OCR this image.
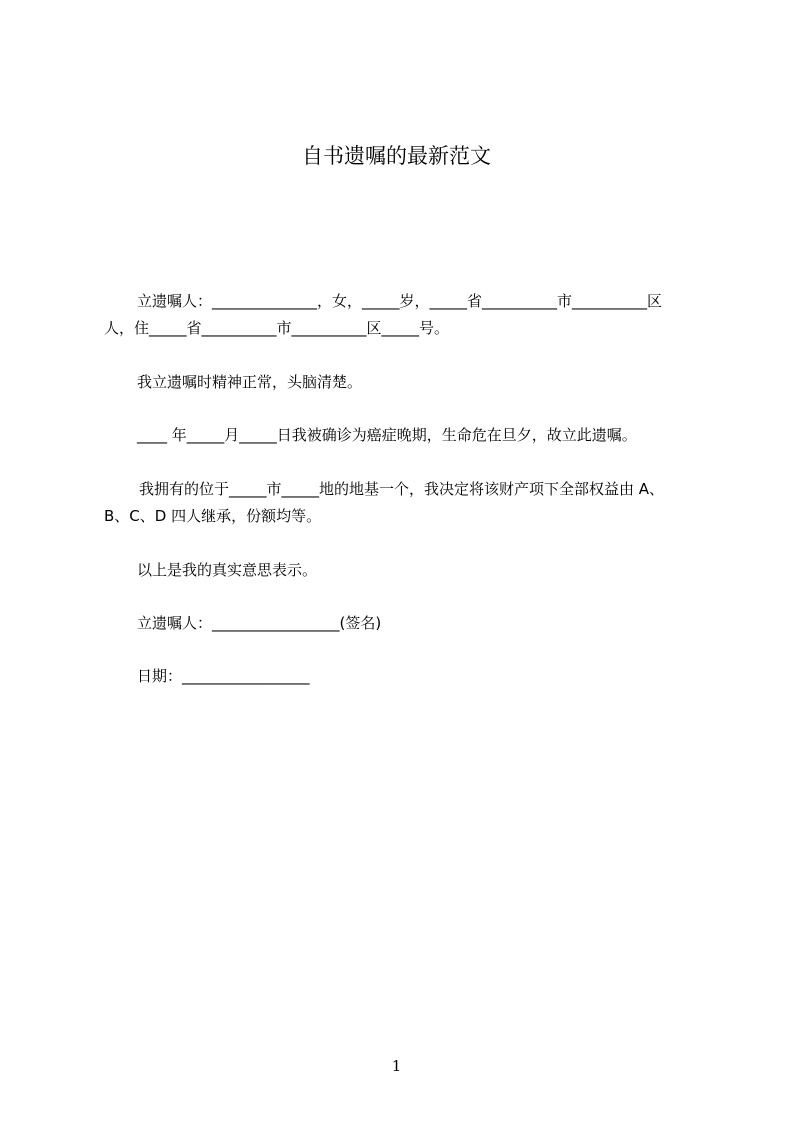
自书遗嘱的最新范文
立遗嘱人：______________，女，_____岁，_____省__________市__________区
人，住_____省__________市__________区_____号。
我立遗嘱时精神正常，头脑清楚。
____ 年_____月_____日我被确诊为癌症晚期，生命危在旦夕，故立此遗嘱。
我拥有的位于_____市_____地的地基一个，我决定将该财产项下全部权益由 A、
B、C、D 四人继承，份额均等。
以上是我的真实意思表示。
立遗嘱人：_________________(签名)
日期：_________________
1
